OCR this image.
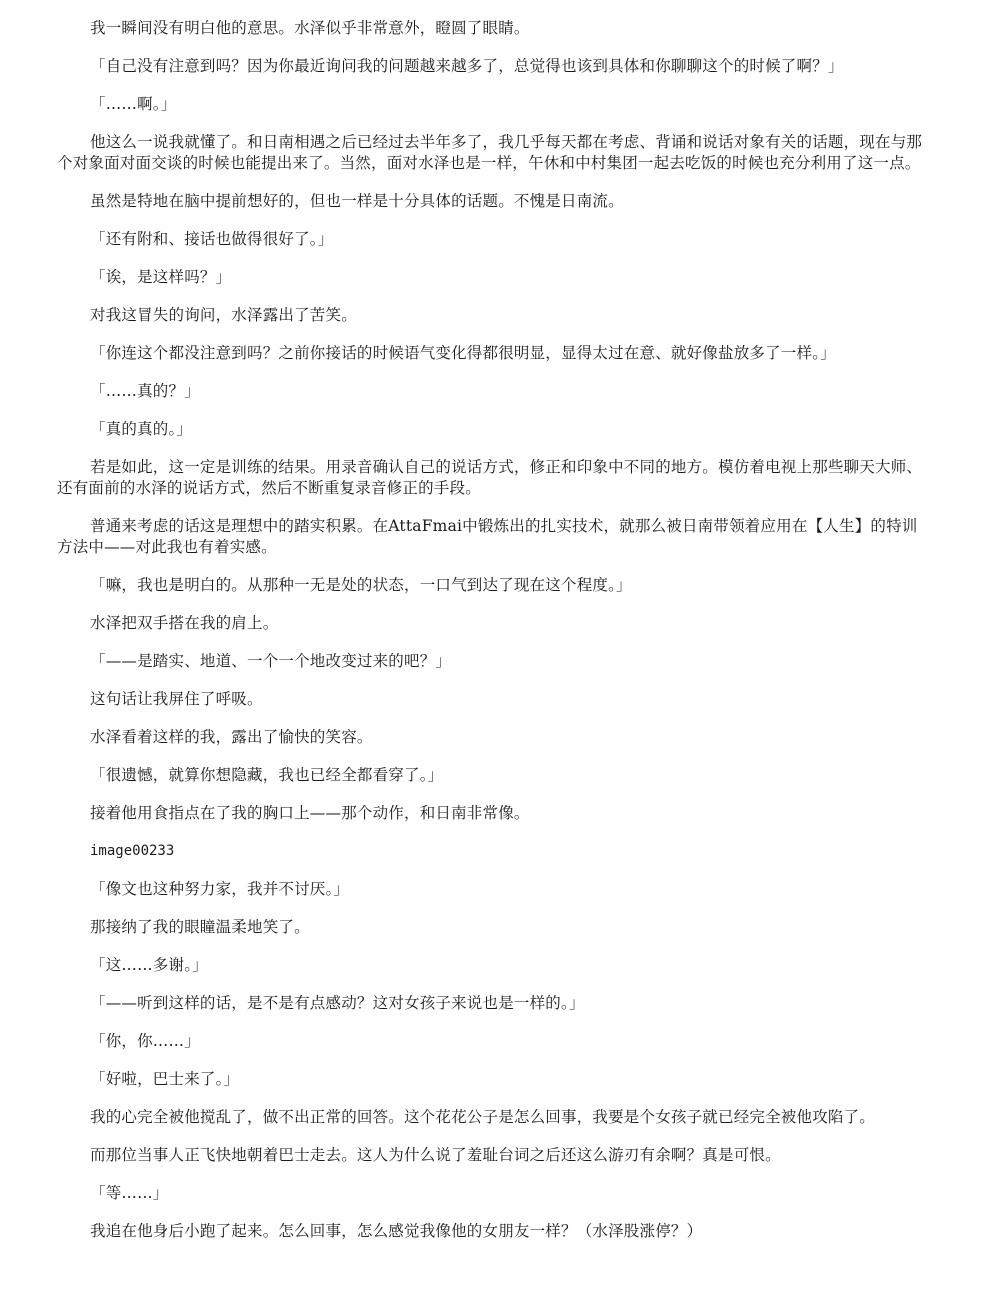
我一瞬间没有明白他的意思。水泽似乎非常意外，瞪圆了眼睛。

「自己没有注意到吗？因为你最近询问我的问题越来越多了，总觉得也该到具体和你聊聊这个的时候了啊？」

「……啊。」

他这么一说我就懂了。和日南相遇之后已经过去半年多了，我几乎每天都在考虑、背诵和说话对象有关的话题，现在与那个对象面对面交谈的时候也能提出来了。当然，面对水泽也是一样，午休和中村集团一起去吃饭的时候也充分利用了这一点。

虽然是特地在脑中提前想好的，但也一样是十分具体的话题。不愧是日南流。

「还有附和、接话也做得很好了。」

「诶，是这样吗？」

对我这冒失的询问，水泽露出了苦笑。

「你连这个都没注意到吗？之前你接话的时候语气变化得都很明显，显得太过在意、就好像盐放多了一样。」

「……真的？」

「真的真的。」

若是如此，这一定是训练的结果。用录音确认自己的说话方式，修正和印象中不同的地方。模仿着电视上那些聊天大师、还有面前的水泽的说话方式，然后不断重复录音修正的手段。

普通来考虑的话这是理想中的踏实积累。在AttaFmai中锻炼出的扎实技术，就那么被日南带领着应用在【人生】的特训方法中——对此我也有着实感。

「嘛，我也是明白的。从那种一无是处的状态，一口气到达了现在这个程度。」

水泽把双手搭在我的肩上。

「——是踏实、地道、一个一个地改变过来的吧？」

这句话让我屏住了呼吸。

水泽看着这样的我，露出了愉快的笑容。

「很遗憾，就算你想隐藏，我也已经全都看穿了。」

接着他用食指点在了我的胸口上——那个动作，和日南非常像。

image00233

「像文也这种努力家，我并不讨厌。」

那接纳了我的眼瞳温柔地笑了。

「这……多谢。」

「——听到这样的话，是不是有点感动？这对女孩子来说也是一样的。」

「你，你……」

「好啦，巴士来了。」

我的心完全被他搅乱了，做不出正常的回答。这个花花公子是怎么回事，我要是个女孩子就已经完全被他攻陷了。

而那位当事人正飞快地朝着巴士走去。这人为什么说了羞耻台词之后还这么游刃有余啊？真是可恨。

「等……」

我追在他身后小跑了起来。怎么回事，怎么感觉我像他的女朋友一样？（水泽股涨停？）
